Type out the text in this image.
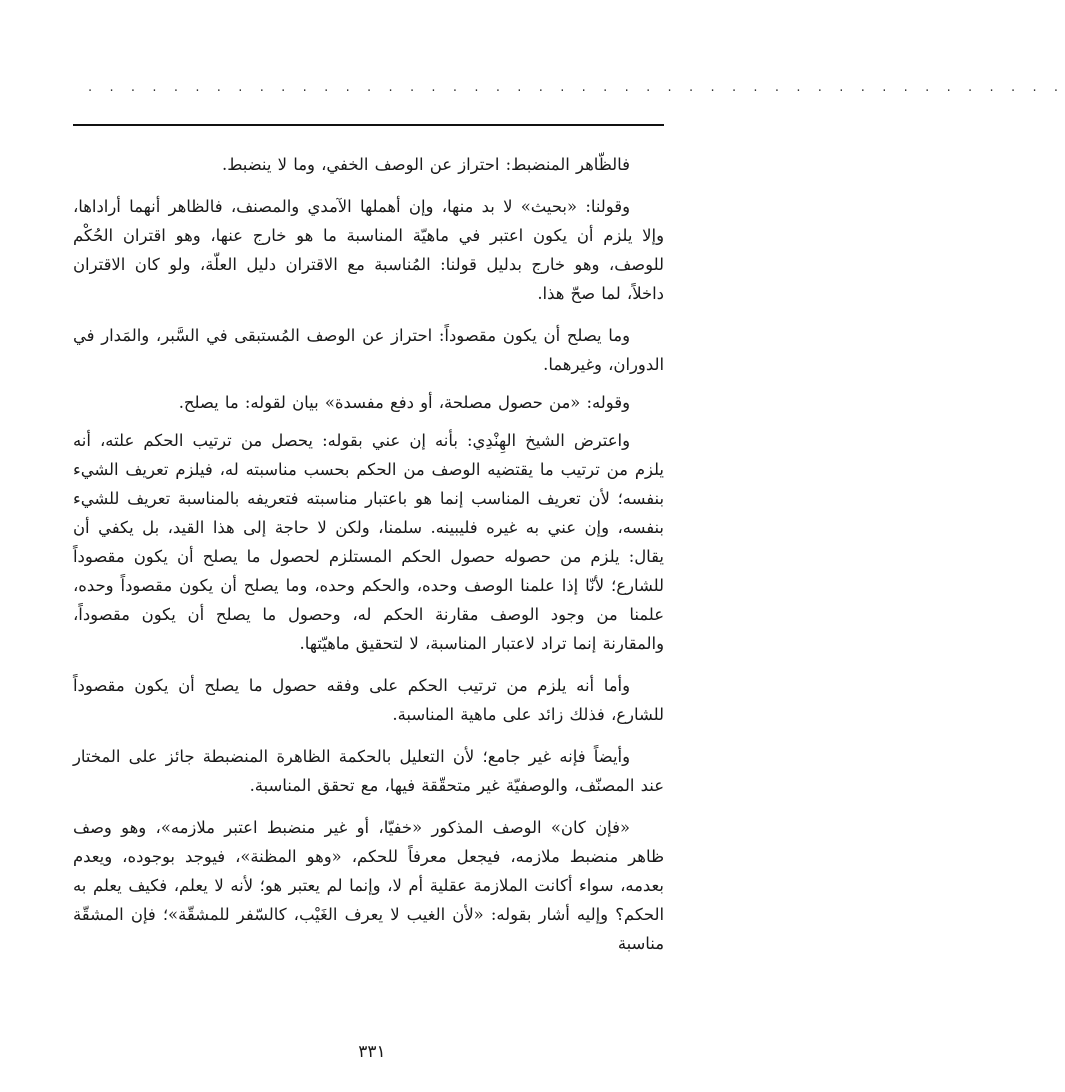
. . . . . . . . . . . . . . . . . . . . . . . . . . . . . . . . . . . . . . . . . . . . . .

فالظّاهر المنضبط: احتراز عن الوصف الخفي، وما لا ينضبط.

وقولنا: «بحيث» لا بد منها، وإن أهملها الآمدي والمصنف، فالظاهر أنهما أراداها، وإلا يلزم أن يكون اعتبر في ماهيّة المناسبة ما هو خارج عنها، وهو اقتران الحُكْم للوصف، وهو خارج بدليل قولنا: المُناسبة مع الاقتران دليل العلّة، ولو كان الاقتران داخلاً، لما صحّ هذا.

وما يصلح أن يكون مقصوداً: احتراز عن الوصف المُستبقى في السَّبر، والمَدار في الدوران، وغيرهما.

وقوله: «من حصول مصلحة، أو دفع مفسدة» بيان لقوله: ما يصلح.

واعترض الشيخ الهِنْدِي: بأنه إن عني بقوله: يحصل من ترتيب الحكم علته، أنه يلزم من ترتيب ما يقتضيه الوصف من الحكم بحسب مناسبته له، فيلزم تعريف الشيء بنفسه؛ لأن تعريف المناسب إنما هو باعتبار مناسبته فتعريفه بالمناسبة تعريف للشيء بنفسه، وإن عني به غيره فليبينه. سلمنا، ولكن لا حاجة إلى هذا القيد، بل يكفي أن يقال: يلزم من حصوله حصول الحكم المستلزم لحصول ما يصلح أن يكون مقصوداً للشارع؛ لأنّا إذا علمنا الوصف وحده، والحكم وحده، وما يصلح أن يكون مقصوداً وحده، علمنا من وجود الوصف مقارنة الحكم له، وحصول ما يصلح أن يكون مقصوداً، والمقارنة إنما تراد لاعتبار المناسبة، لا لتحقيق ماهيّتها.

وأما أنه يلزم من ترتيب الحكم على وفقه حصول ما يصلح أن يكون مقصوداً للشارع، فذلك زائد على ماهية المناسبة.

وأيضاً فإنه غير جامع؛ لأن التعليل بالحكمة الظاهرة المنضبطة جائز على المختار عند المصنّف، والوصفيّة غير متحقّقة فيها، مع تحقق المناسبة.

«فإن كان» الوصف المذكور «خفيّا، أو غير منضبط اعتبر ملازمه»، وهو وصف ظاهر منضبط ملازمه، فيجعل معرفاً للحكم، «وهو المظنة»، فيوجد بوجوده، ويعدم بعدمه، سواء أكانت الملازمة عقلية أم لا، وإنما لم يعتبر هو؛ لأنه لا يعلم، فكيف يعلم به الحكم؟ وإليه أشار بقوله: «لأن الغيب لا يعرف الغَيْب، كالسّفر للمشقّة»؛ فإن المشقّة مناسبة

٣٣١
